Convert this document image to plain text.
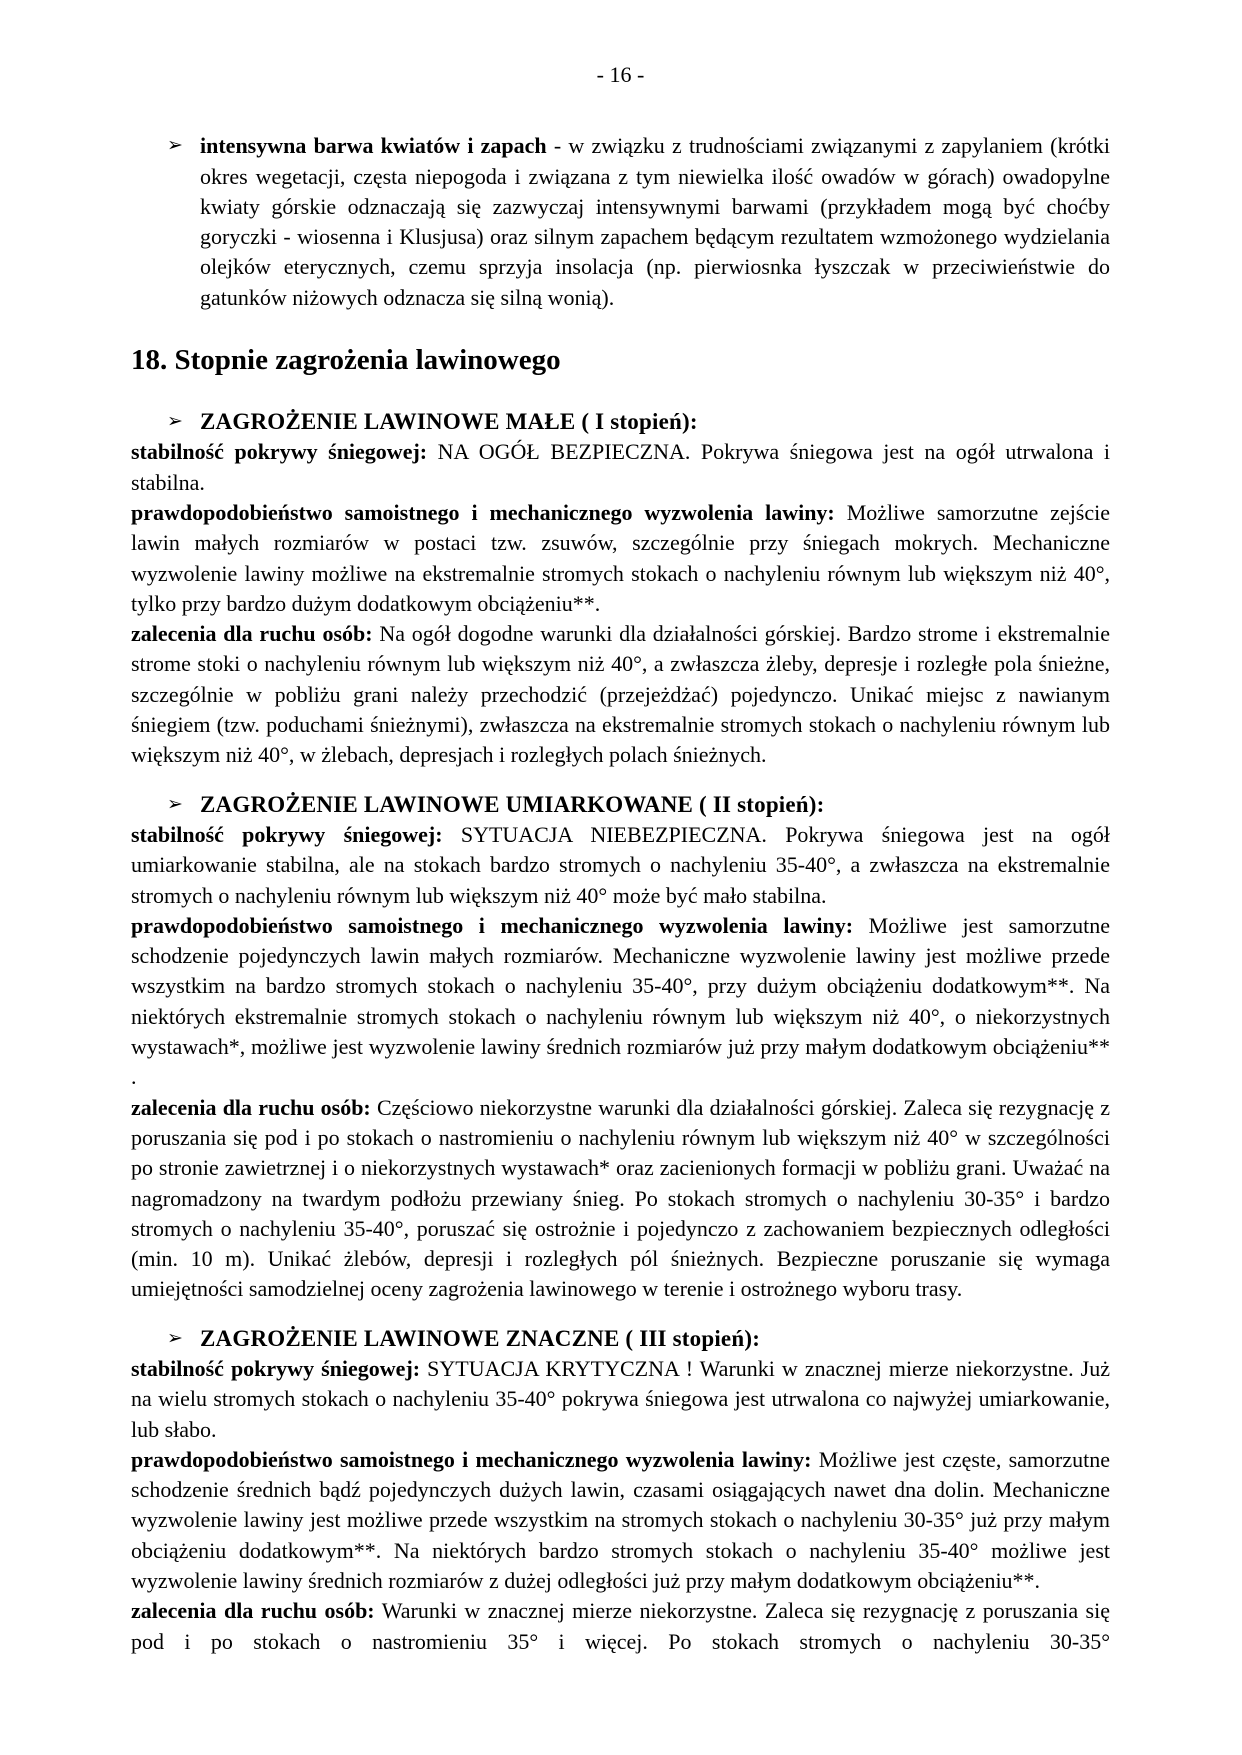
- 16 -

➢ intensywna barwa kwiatów i zapach - w związku z trudnościami związanymi z zapylaniem (krótki okres wegetacji, częsta niepogoda i związana z tym niewielka ilość owadów w górach) owadopylne kwiaty górskie odznaczają się zazwyczaj intensywnymi barwami (przykładem mogą być choćby goryczki - wiosenna i Klusjusa) oraz silnym zapachem będącym rezultatem wzmożonego wydzielania olejków eterycznych, czemu sprzyja insolacja (np. pierwiosnka łyszczak w przeciwieństwie do gatunków niżowych odznacza się silną wonią).

18. Stopnie zagrożenia lawinowego
➢ ZAGROŻENIE LAWINOWE MAŁE ( I stopień):

stabilność pokrywy śniegowej: NA OGÓŁ BEZPIECZNA. Pokrywa śniegowa jest na ogół utrwalona i stabilna.

prawdopodobieństwo samoistnego i mechanicznego wyzwolenia lawiny: Możliwe samorzutne zejście lawin małych rozmiarów w postaci tzw. zsuwów, szczególnie przy śniegach mokrych. Mechaniczne wyzwolenie lawiny możliwe na ekstremalnie stromych stokach o nachyleniu równym lub większym niż 40°, tylko przy bardzo dużym dodatkowym obciążeniu**.

zalecenia dla ruchu osób: Na ogół dogodne warunki dla działalności górskiej. Bardzo strome i ekstremalnie strome stoki o nachyleniu równym lub większym niż 40°, a zwłaszcza żleby, depresje i rozległe pola śnieżne, szczególnie w pobliżu grani należy przechodzić (przejeżdżać) pojedynczo. Unikać miejsc z nawianym śniegiem (tzw. poduchami śnieżnymi), zwłaszcza na ekstremalnie stromych stokach o nachyleniu równym lub większym niż 40°, w żlebach, depresjach i rozległych polach śnieżnych.

➢ ZAGROŻENIE LAWINOWE UMIARKOWANE ( II stopień):

stabilność pokrywy śniegowej: SYTUACJA NIEBEZPIECZNA. Pokrywa śniegowa jest na ogół umiarkowanie stabilna, ale na stokach bardzo stromych o nachyleniu 35-40°, a zwłaszcza na ekstremalnie stromych o nachyleniu równym lub większym niż 40° może być mało stabilna.

prawdopodobieństwo samoistnego i mechanicznego wyzwolenia lawiny: Możliwe jest samorzutne schodzenie pojedynczych lawin małych rozmiarów. Mechaniczne wyzwolenie lawiny jest możliwe przede wszystkim na bardzo stromych stokach o nachyleniu 35-40°, przy dużym obciążeniu dodatkowym**. Na niektórych ekstremalnie stromych stokach o nachyleniu równym lub większym niż 40°, o niekorzystnych wystawach*, możliwe jest wyzwolenie lawiny średnich rozmiarów już przy małym dodatkowym obciążeniu** .

zalecenia dla ruchu osób: Częściowo niekorzystne warunki dla działalności górskiej. Zaleca się rezygnację z poruszania się pod i po stokach o nastromieniu o nachyleniu równym lub większym niż 40° w szczególności po stronie zawietrznej i o niekorzystnych wystawach* oraz zacienionych formacji w pobliżu grani. Uważać na nagromadzony na twardym podłożu przewiany śnieg. Po stokach stromych o nachyleniu 30-35° i bardzo stromych o nachyleniu 35-40°, poruszać się ostrożnie i pojedynczo z zachowaniem bezpiecznych odległości (min. 10 m). Unikać żlebów, depresji i rozległych pól śnieżnych. Bezpieczne poruszanie się wymaga umiejętności samodzielnej oceny zagrożenia lawinowego w terenie i ostrożnego wyboru trasy.

➢ ZAGROŻENIE LAWINOWE ZNACZNE ( III stopień):

stabilność pokrywy śniegowej: SYTUACJA KRYTYCZNA ! Warunki w znacznej mierze niekorzystne. Już na wielu stromych stokach o nachyleniu 35-40° pokrywa śniegowa jest utrwalona co najwyżej umiarkowanie, lub słabo.

prawdopodobieństwo samoistnego i mechanicznego wyzwolenia lawiny: Możliwe jest częste, samorzutne schodzenie średnich bądź pojedynczych dużych lawin, czasami osiągających nawet dna dolin. Mechaniczne wyzwolenie lawiny jest możliwe przede wszystkim na stromych stokach o nachyleniu 30-35° już przy małym obciążeniu dodatkowym**. Na niektórych bardzo stromych stokach o nachyleniu 35-40° możliwe jest wyzwolenie lawiny średnich rozmiarów z dużej odległości już przy małym dodatkowym obciążeniu**.

zalecenia dla ruchu osób: Warunki w znacznej mierze niekorzystne. Zaleca się rezygnację z poruszania się pod i po stokach o nastromieniu 35° i więcej. Po stokach stromych o nachyleniu 30-35°
